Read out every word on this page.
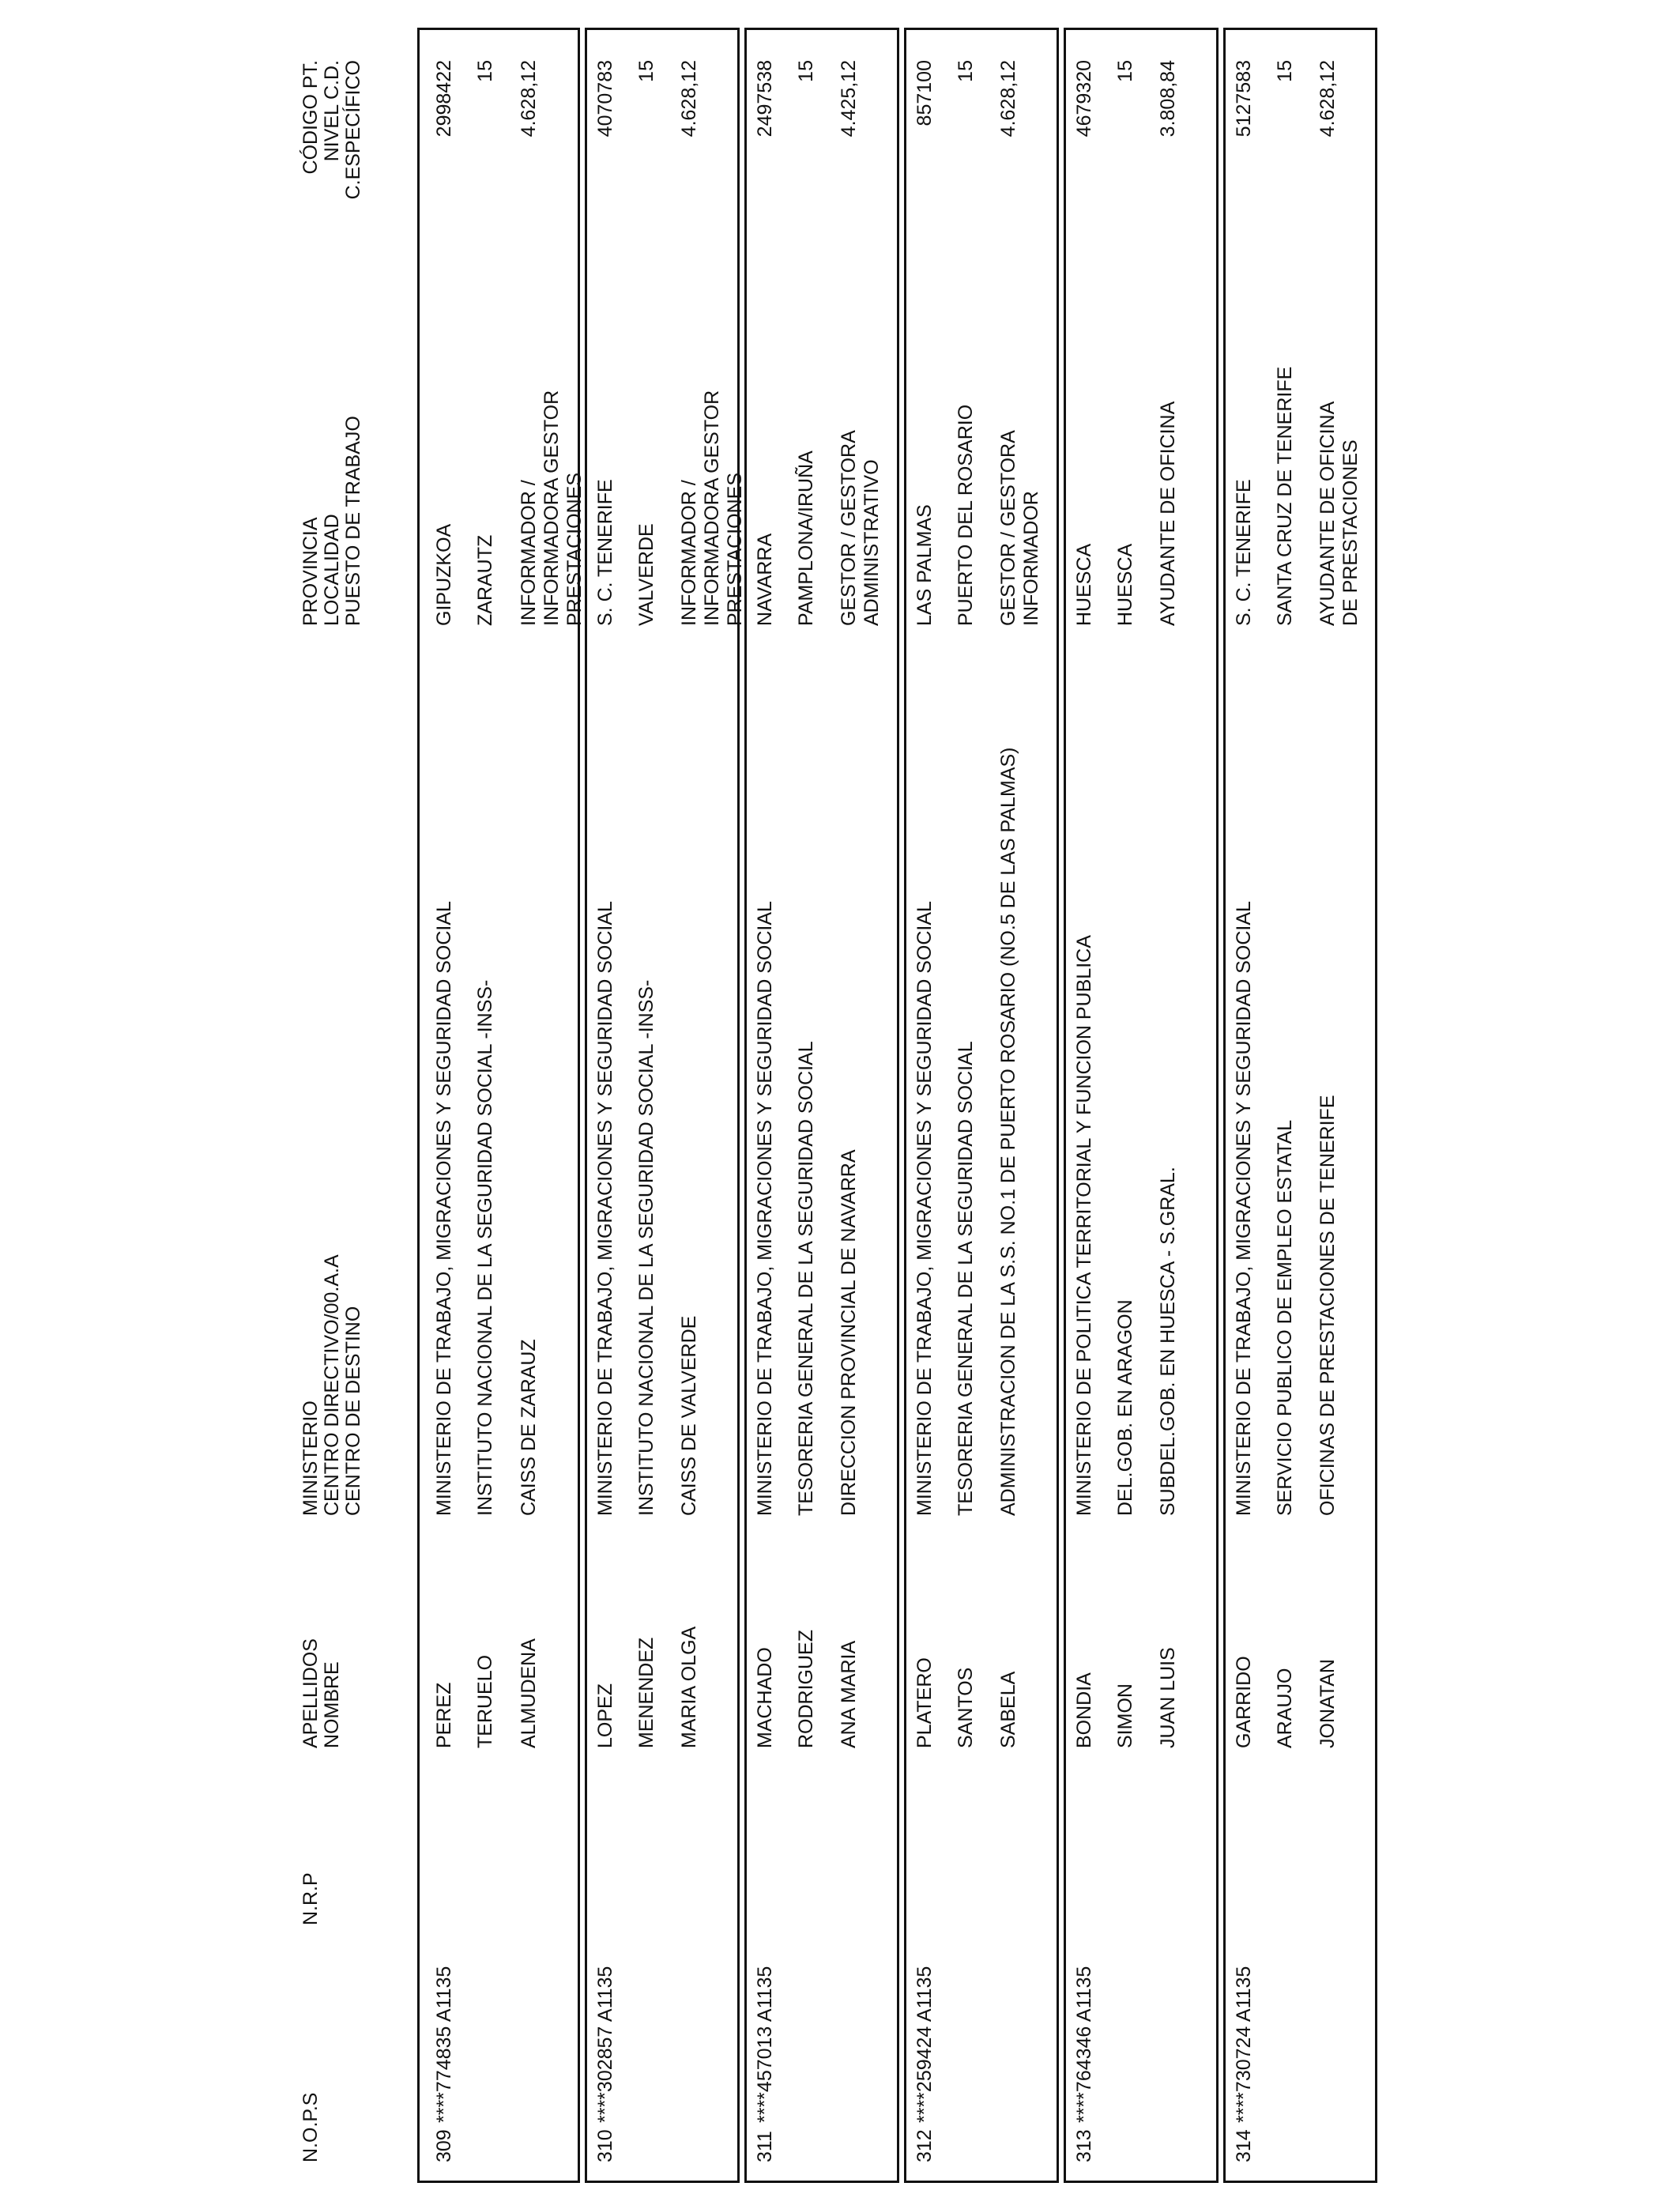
N.O.P.S
N.R.P
APELLIDOS NOMBRE
MINISTERIO CENTRO DIRECTIVO/00.A.A CENTRO DE DESTINO
PROVINCIA LOCALIDAD PUESTO DE TRABAJO
CÓDIGO PT. NIVEL C.D. C.ESPECÍFICO
309
****774835 A1135
PEREZ TERUELO ALMUDENA
MINISTERIO DE TRABAJO, MIGRACIONES Y SEGURIDAD SOCIAL INSTITUTO NACIONAL DE LA SEGURIDAD SOCIAL -INSS- CAISS DE ZARAUZ
GIPUZKOA ZARAUTZ INFORMADOR / INFORMADORA GESTOR PRESTACIONES
2998422 15 4.628,12
310
****302857 A1135
LOPEZ MENENDEZ MARIA OLGA
MINISTERIO DE TRABAJO, MIGRACIONES Y SEGURIDAD SOCIAL INSTITUTO NACIONAL DE LA SEGURIDAD SOCIAL -INSS- CAISS DE VALVERDE
S. C. TENERIFE VALVERDE INFORMADOR / INFORMADORA GESTOR PRESTACIONES
4070783 15 4.628,12
311
****457013 A1135
MACHADO RODRIGUEZ ANA MARIA
MINISTERIO DE TRABAJO, MIGRACIONES Y SEGURIDAD SOCIAL TESORERIA GENERAL DE LA SEGURIDAD SOCIAL DIRECCION PROVINCIAL DE NAVARRA
NAVARRA PAMPLONA/IRUÑA GESTOR / GESTORA ADMINISTRATIVO
2497538 15 4.425,12
312
****259424 A1135
PLATERO SANTOS SABELA
MINISTERIO DE TRABAJO, MIGRACIONES Y SEGURIDAD SOCIAL TESORERIA GENERAL DE LA SEGURIDAD SOCIAL ADMINISTRACION DE LA S.S. NO.1 DE PUERTO ROSARIO (NO.5 DE LAS PALMAS)
LAS PALMAS PUERTO DEL ROSARIO GESTOR / GESTORA INFORMADOR
857100 15 4.628,12
313
****764346 A1135
BONDIA SIMON JUAN LUIS
MINISTERIO DE POLITICA TERRITORIAL Y FUNCION PUBLICA DEL.GOB. EN ARAGON SUBDEL.GOB. EN HUESCA - S.GRAL.
HUESCA HUESCA AYUDANTE DE OFICINA
4679320 15 3.808,84
314
****730724 A1135
GARRIDO ARAUJO JONATAN
MINISTERIO DE TRABAJO, MIGRACIONES Y SEGURIDAD SOCIAL SERVICIO PUBLICO DE EMPLEO ESTATAL OFICINAS DE PRESTACIONES DE TENERIFE
S. C. TENERIFE SANTA CRUZ DE TENERIFE AYUDANTE DE OFICINA DE PRESTACIONES
5127583 15 4.628,12
